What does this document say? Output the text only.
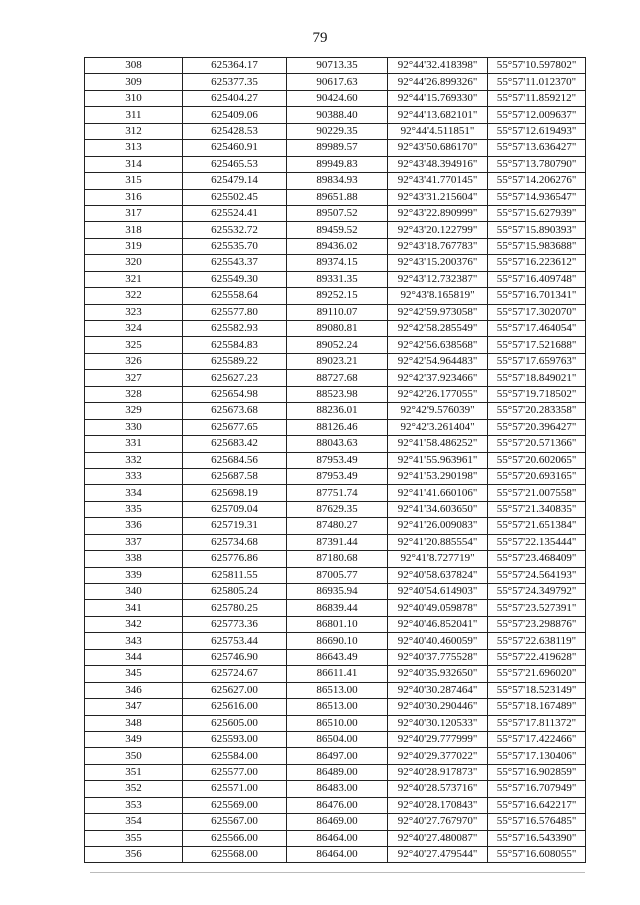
79
308	625364.17	90713.35	92°44'32.418398"	55°57'10.597802"
309	625377.35	90617.63	92°44'26.899326"	55°57'11.012370"
310	625404.27	90424.60	92°44'15.769330"	55°57'11.859212"
311	625409.06	90388.40	92°44'13.682101"	55°57'12.009637"
312	625428.53	90229.35	92°44'4.511851"	55°57'12.619493"
313	625460.91	89989.57	92°43'50.686170"	55°57'13.636427"
314	625465.53	89949.83	92°43'48.394916"	55°57'13.780790"
315	625479.14	89834.93	92°43'41.770145"	55°57'14.206276"
316	625502.45	89651.88	92°43'31.215604"	55°57'14.936547"
317	625524.41	89507.52	92°43'22.890999"	55°57'15.627939"
318	625532.72	89459.52	92°43'20.122799"	55°57'15.890393"
319	625535.70	89436.02	92°43'18.767783"	55°57'15.983688"
320	625543.37	89374.15	92°43'15.200376"	55°57'16.223612"
321	625549.30	89331.35	92°43'12.732387"	55°57'16.409748"
322	625558.64	89252.15	92°43'8.165819"	55°57'16.701341"
323	625577.80	89110.07	92°42'59.973058"	55°57'17.302070"
324	625582.93	89080.81	92°42'58.285549"	55°57'17.464054"
325	625584.83	89052.24	92°42'56.638568"	55°57'17.521688"
326	625589.22	89023.21	92°42'54.964483"	55°57'17.659763"
327	625627.23	88727.68	92°42'37.923466"	55°57'18.849021"
328	625654.98	88523.98	92°42'26.177055"	55°57'19.718502"
329	625673.68	88236.01	92°42'9.576039"	55°57'20.283358"
330	625677.65	88126.46	92°42'3.261404"	55°57'20.396427"
331	625683.42	88043.63	92°41'58.486252"	55°57'20.571366"
332	625684.56	87953.49	92°41'55.963961"	55°57'20.602065"
333	625687.58	87953.49	92°41'53.290198"	55°57'20.693165"
334	625698.19	87751.74	92°41'41.660106"	55°57'21.007558"
335	625709.04	87629.35	92°41'34.603650"	55°57'21.340835"
336	625719.31	87480.27	92°41'26.009083"	55°57'21.651384"
337	625734.68	87391.44	92°41'20.885554"	55°57'22.135444"
338	625776.86	87180.68	92°41'8.727719"	55°57'23.468409"
339	625811.55	87005.77	92°40'58.637824"	55°57'24.564193"
340	625805.24	86935.94	92°40'54.614903"	55°57'24.349792"
341	625780.25	86839.44	92°40'49.059878"	55°57'23.527391"
342	625773.36	86801.10	92°40'46.852041"	55°57'23.298876"
343	625753.44	86690.10	92°40'40.460059"	55°57'22.638119"
344	625746.90	86643.49	92°40'37.775528"	55°57'22.419628"
345	625724.67	86611.41	92°40'35.932650"	55°57'21.696020"
346	625627.00	86513.00	92°40'30.287464"	55°57'18.523149"
347	625616.00	86513.00	92°40'30.290446"	55°57'18.167489"
348	625605.00	86510.00	92°40'30.120533"	55°57'17.811372"
349	625593.00	86504.00	92°40'29.777999"	55°57'17.422466"
350	625584.00	86497.00	92°40'29.377022"	55°57'17.130406"
351	625577.00	86489.00	92°40'28.917873"	55°57'16.902859"
352	625571.00	86483.00	92°40'28.573716"	55°57'16.707949"
353	625569.00	86476.00	92°40'28.170843"	55°57'16.642217"
354	625567.00	86469.00	92°40'27.767970"	55°57'16.576485"
355	625566.00	86464.00	92°40'27.480087"	55°57'16.543390"
356	625568.00	86464.00	92°40'27.479544"	55°57'16.608055"
